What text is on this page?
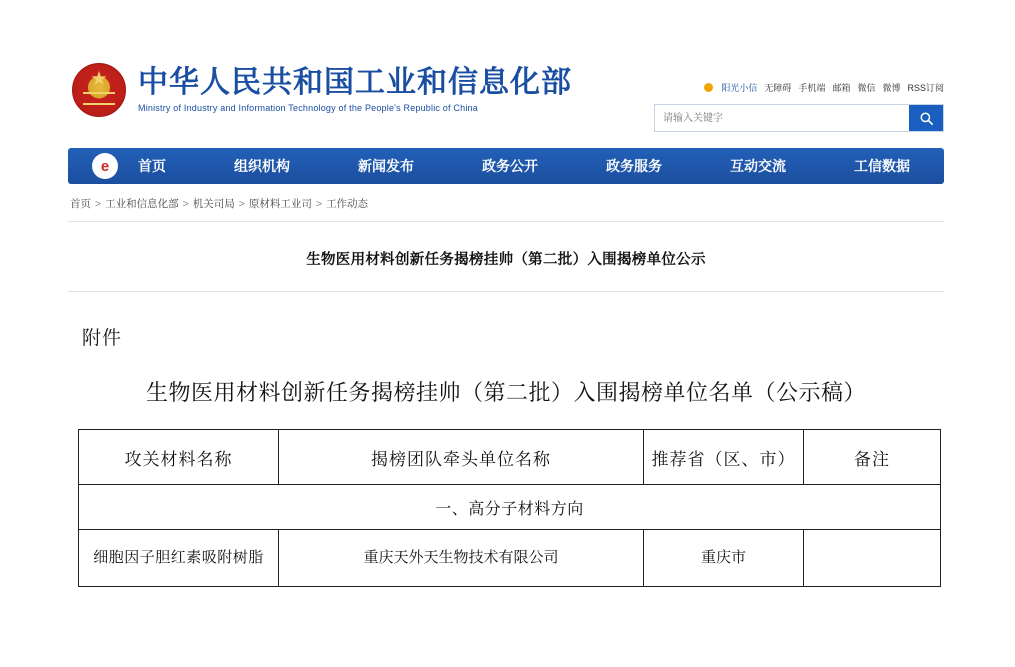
★
中华人民共和国工业和信息化部
Ministry of Industry and Information Technology of the People's Republic of China
阳光小信 无障碍 手机端 邮箱 微信 微博 RSS订阅
请输入关键字
e	首页	组织机构	新闻发布	政务公开	政务服务	互动交流	工信数据
首页 > 工业和信息化部 > 机关司局 > 原材料工业司 > 工作动态
生物医用材料创新任务揭榜挂帅（第二批）入围揭榜单位公示
附件
生物医用材料创新任务揭榜挂帅（第二批）入围揭榜单位名单（公示稿）
攻关材料名称	揭榜团队牵头单位名称	推荐省（区、市）	备注
一、高分子材料方向			
细胞因子胆红素吸附树脂	重庆天外天生物技术有限公司	重庆市	
